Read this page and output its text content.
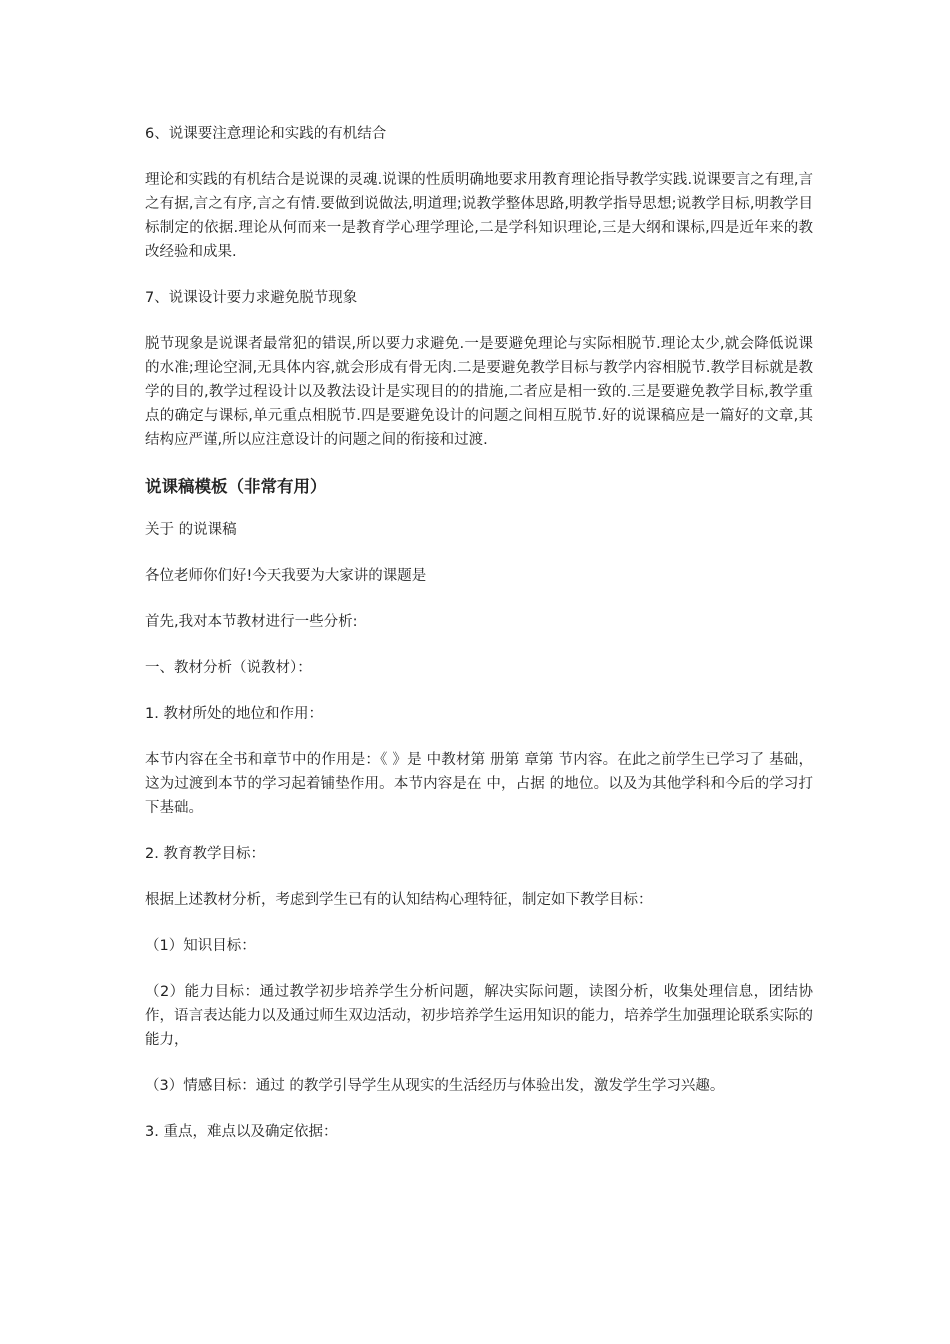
6、说课要注意理论和实践的有机结合

理论和实践的有机结合是说课的灵魂.说课的性质明确地要求用教育理论指导教学实践.说课要言之有理,言之有据,言之有序,言之有情.要做到说做法,明道理;说教学整体思路,明教学指导思想;说教学目标,明教学目标制定的依据.理论从何而来一是教育学心理学理论,二是学科知识理论,三是大纲和课标,四是近年来的教改经验和成果.

7、说课设计要力求避免脱节现象

脱节现象是说课者最常犯的错误,所以要力求避免.一是要避免理论与实际相脱节.理论太少,就会降低说课的水准;理论空洞,无具体内容,就会形成有骨无肉.二是要避免教学目标与教学内容相脱节.教学目标就是教学的目的,教学过程设计以及教法设计是实现目的的措施,二者应是相一致的.三是要避免教学目标,教学重点的确定与课标,单元重点相脱节.四是要避免设计的问题之间相互脱节.好的说课稿应是一篇好的文章,其结构应严谨,所以应注意设计的问题之间的衔接和过渡.

说课稿模板（非常有用）

关于 的说课稿

各位老师你们好!今天我要为大家讲的课题是

首先,我对本节教材进行一些分析:

一、教材分析（说教材）：

1. 教材所处的地位和作用：

本节内容在全书和章节中的作用是：《 》是 中教材第 册第 章第 节内容。在此之前学生已学习了 基础，这为过渡到本节的学习起着铺垫作用。本节内容是在 中，占据 的地位。以及为其他学科和今后的学习打下基础。

2. 教育教学目标：

根据上述教材分析，考虑到学生已有的认知结构心理特征，制定如下教学目标：

（1）知识目标：

（2）能力目标：通过教学初步培养学生分析问题，解决实际问题，读图分析，收集处理信息，团结协作，语言表达能力以及通过师生双边活动，初步培养学生运用知识的能力，培养学生加强理论联系实际的能力，

（3）情感目标：通过 的教学引导学生从现实的生活经历与体验出发，激发学生学习兴趣。

3. 重点，难点以及确定依据：
